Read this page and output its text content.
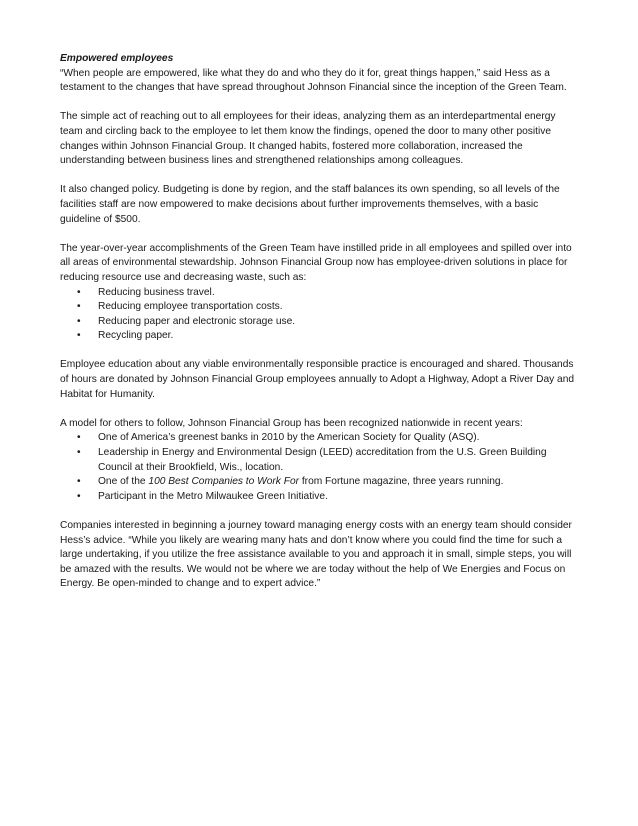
Empowered employees

“When people are empowered, like what they do and who they do it for, great things happen,” said Hess as a testament to the changes that have spread throughout Johnson Financial since the inception of the Green Team.

The simple act of reaching out to all employees for their ideas, analyzing them as an interdepartmental energy team and circling back to the employee to let them know the findings, opened the door to many other positive changes within Johnson Financial Group. It changed habits, fostered more collaboration, increased the understanding between business lines and strengthened relationships among colleagues.

It also changed policy. Budgeting is done by region, and the staff balances its own spending, so all levels of the facilities staff are now empowered to make decisions about further improvements themselves, with a basic guideline of $500.

The year-over-year accomplishments of the Green Team have instilled pride in all employees and spilled over into all areas of environmental stewardship. Johnson Financial Group now has employee-driven solutions in place for reducing resource use and decreasing waste, such as:

• Reducing business travel.
• Reducing employee transportation costs.
• Reducing paper and electronic storage use.
• Recycling paper.

Employee education about any viable environmentally responsible practice is encouraged and shared. Thousands of hours are donated by Johnson Financial Group employees annually to Adopt a Highway, Adopt a River Day and Habitat for Humanity.

A model for others to follow, Johnson Financial Group has been recognized nationwide in recent years:

• One of America’s greenest banks in 2010 by the American Society for Quality (ASQ).
• Leadership in Energy and Environmental Design (LEED) accreditation from the U.S. Green Building Council at their Brookfield, Wis., location.
• One of the 100 Best Companies to Work For from Fortune magazine, three years running.
• Participant in the Metro Milwaukee Green Initiative.

Companies interested in beginning a journey toward managing energy costs with an energy team should consider Hess’s advice. “While you likely are wearing many hats and don’t know where you could find the time for such a large undertaking, if you utilize the free assistance available to you and approach it in small, simple steps, you will be amazed with the results. We would not be where we are today without the help of We Energies and Focus on Energy. Be open-minded to change and to expert advice.”
